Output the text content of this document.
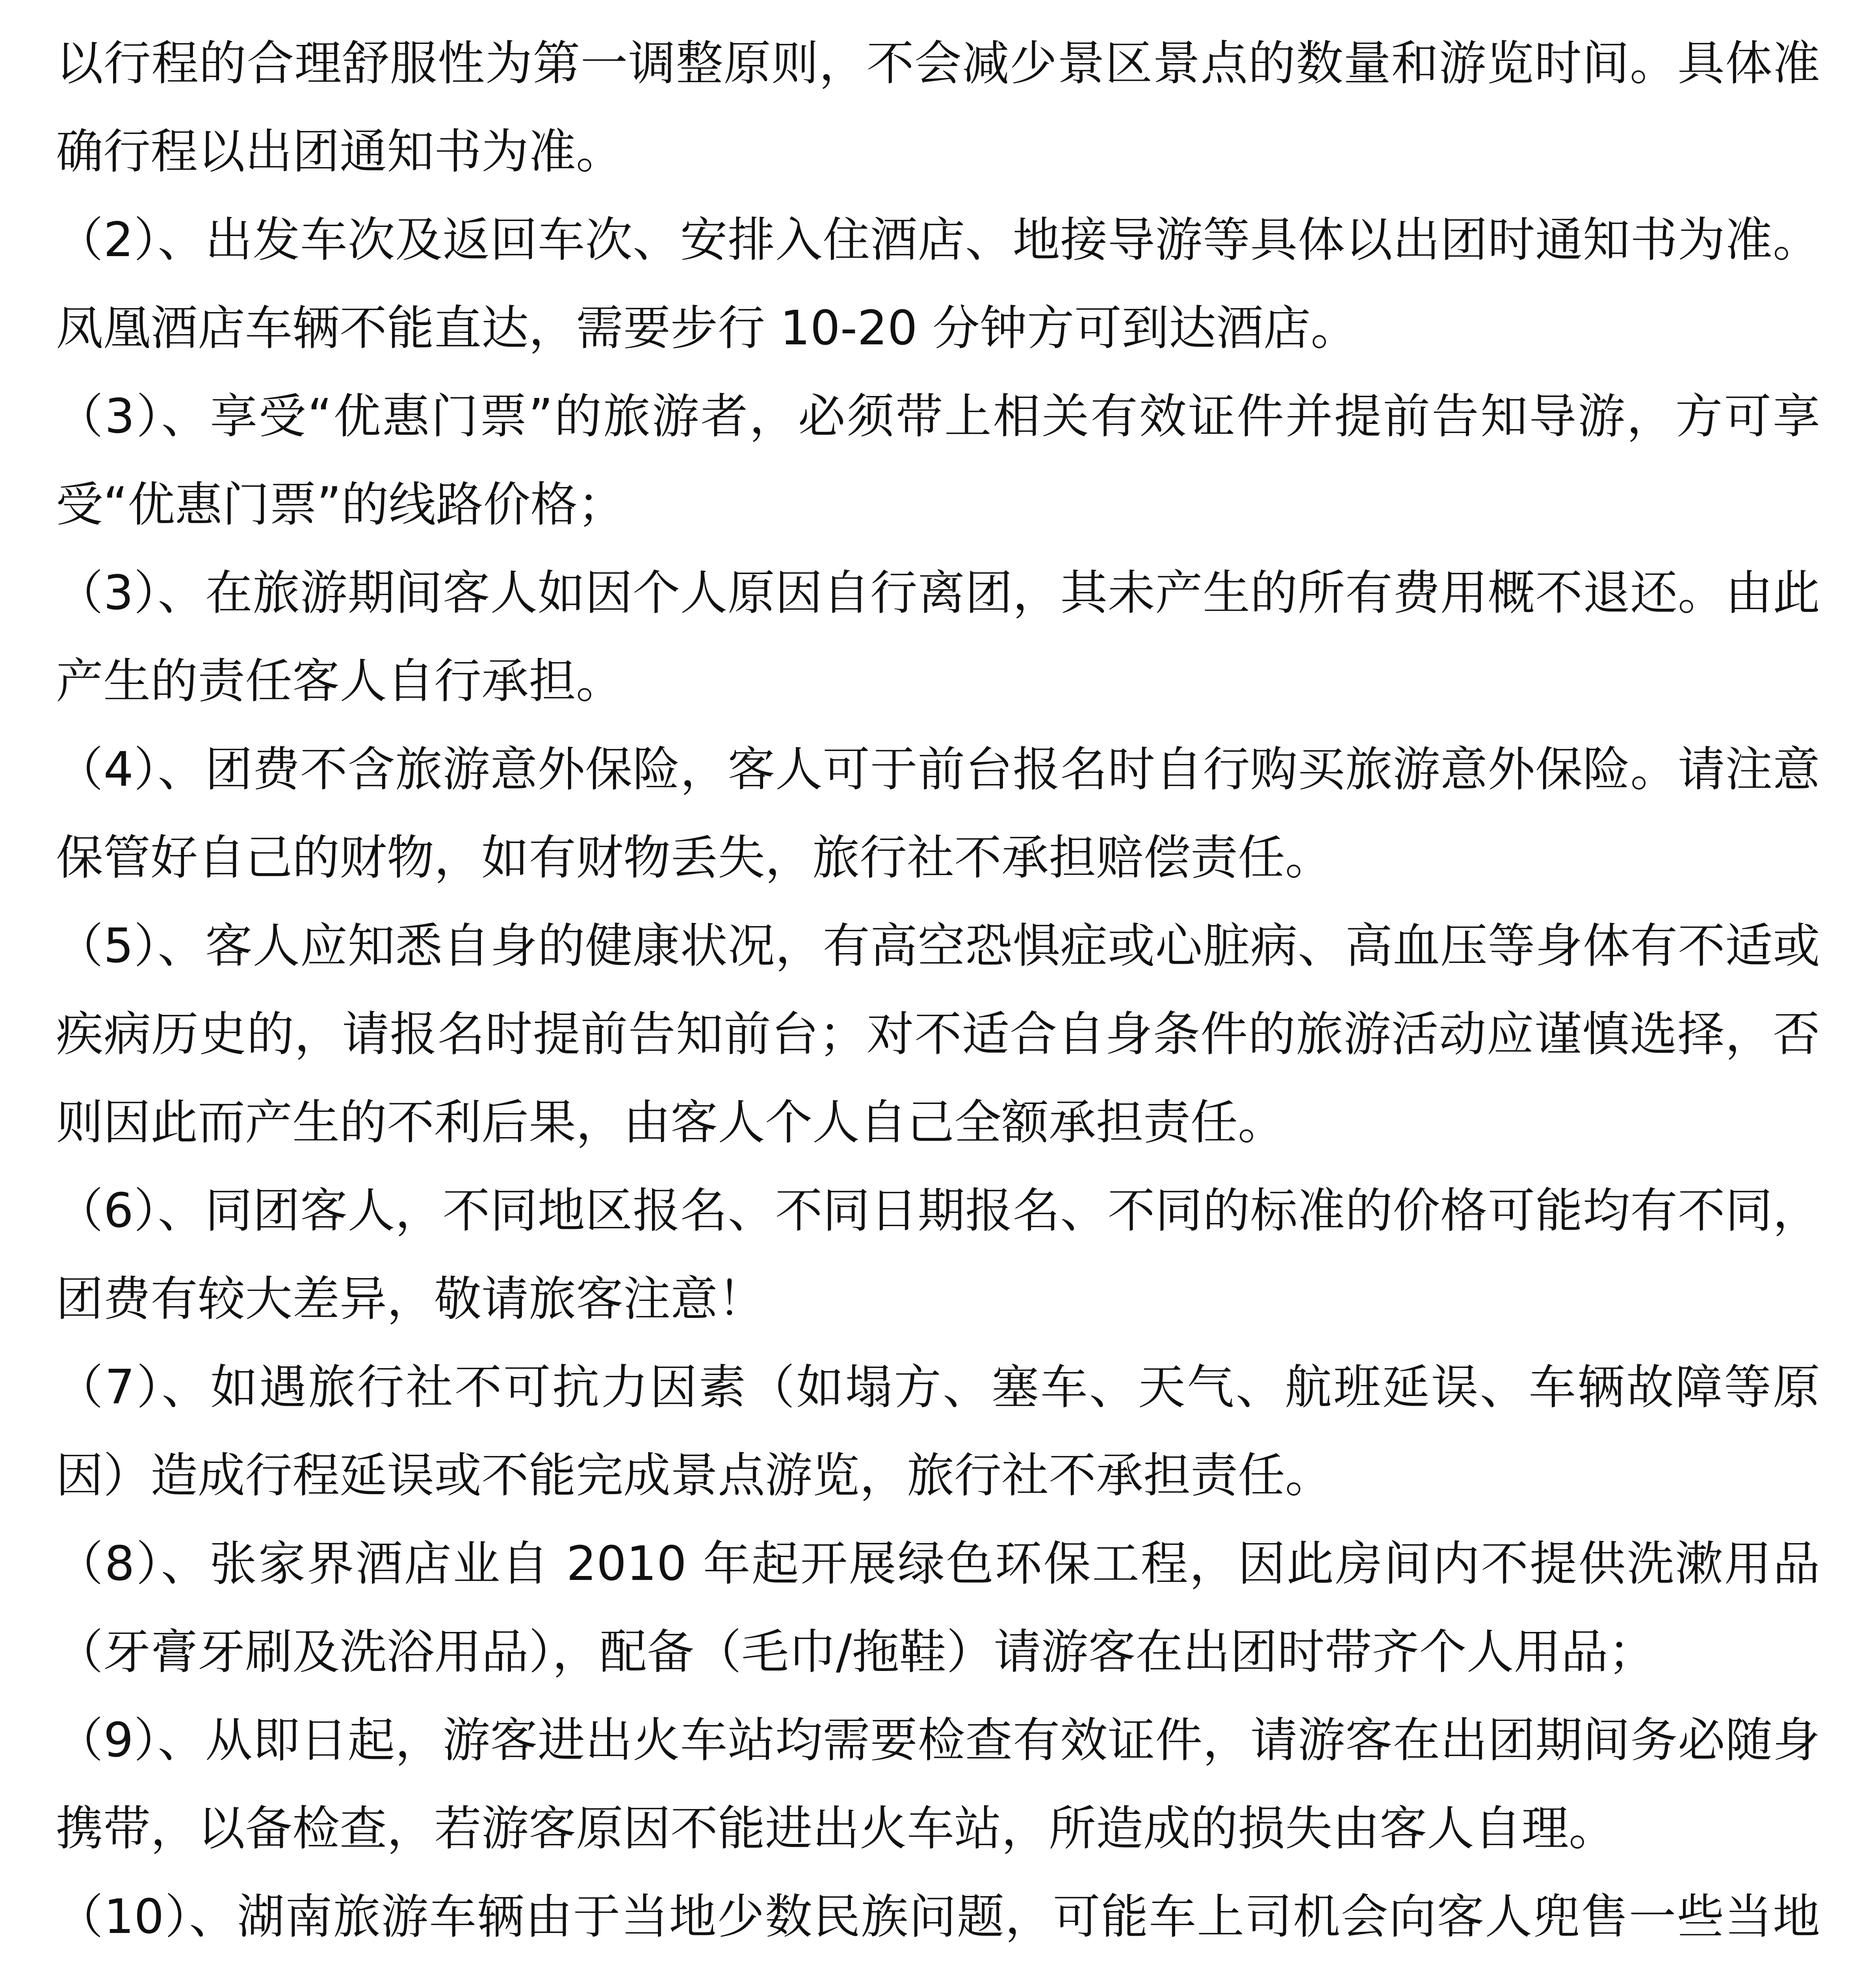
以行程的合理舒服性为第一调整原则，不会减少景区景点的数量和游览时间。具体准确行程以出团通知书为准。

（2）、出发车次及返回车次、安排入住酒店、地接导游等具体以出团时通知书为准。凤凰酒店车辆不能直达，需要步行 10-20 分钟方可到达酒店。

（3）、享受“优惠门票”的旅游者，必须带上相关有效证件并提前告知导游，方可享受“优惠门票”的线路价格；

（3）、在旅游期间客人如因个人原因自行离团，其未产生的所有费用概不退还。由此产生的责任客人自行承担。

（4）、团费不含旅游意外保险，客人可于前台报名时自行购买旅游意外保险。请注意保管好自己的财物，如有财物丢失，旅行社不承担赔偿责任。

（5）、客人应知悉自身的健康状况，有高空恐惧症或心脏病、高血压等身体有不适或疾病历史的，请报名时提前告知前台；对不适合自身条件的旅游活动应谨慎选择，否则因此而产生的不利后果，由客人个人自己全额承担责任。

（6）、同团客人，不同地区报名、不同日期报名、不同的标准的价格可能均有不同，团费有较大差异，敬请旅客注意！

（7）、如遇旅行社不可抗力因素（如塌方、塞车、天气、航班延误、车辆故障等原因）造成行程延误或不能完成景点游览，旅行社不承担责任。

（8）、张家界酒店业自 2010 年起开展绿色环保工程，因此房间内不提供洗漱用品（牙膏牙刷及洗浴用品），配备（毛巾/拖鞋）请游客在出团时带齐个人用品；

（9）、从即日起，游客进出火车站均需要检查有效证件，请游客在出团期间务必随身携带，以备检查，若游客原因不能进出火车站，所造成的损失由客人自理。

（10）、湖南旅游车辆由于当地少数民族问题，可能车上司机会向客人兜售一些当地
